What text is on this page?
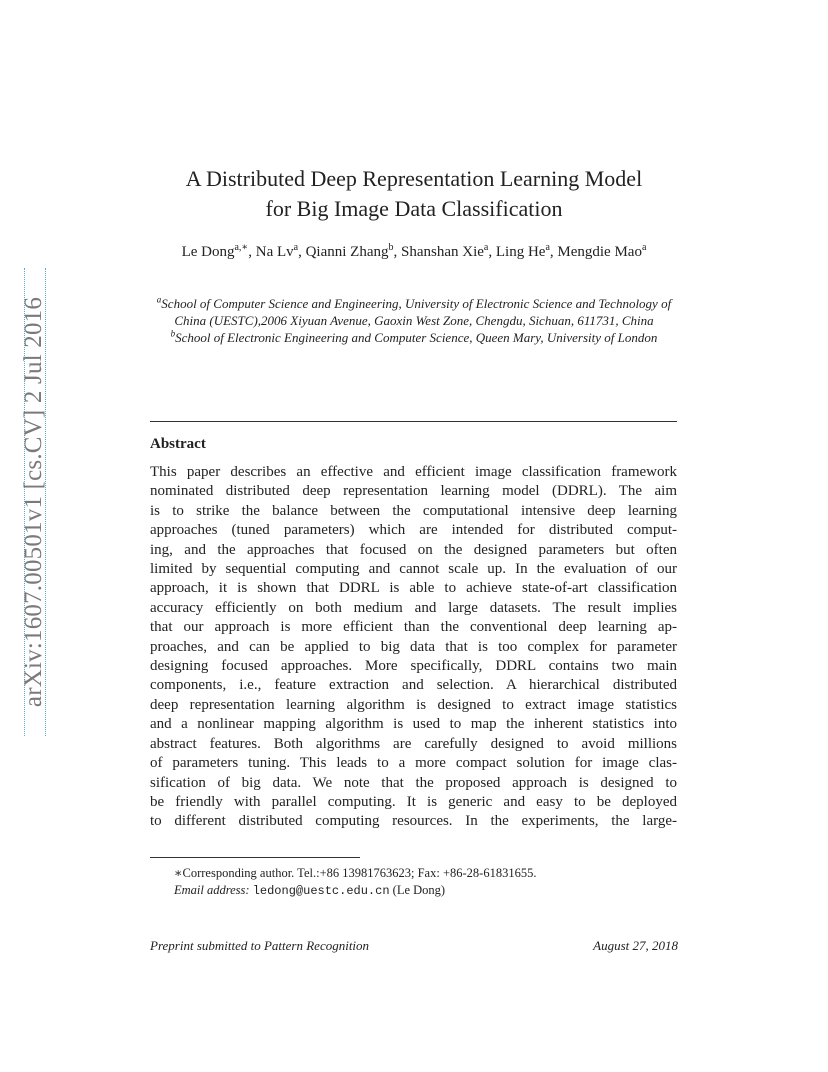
arXiv:1607.00501v1 [cs.CV] 2 Jul 2016
A Distributed Deep Representation Learning Model
for Big Image Data Classification
Le Dong$^{a,∗}$, Na Lv$^a$, Qianni Zhang$^b$, Shanshan Xie$^a$, Ling He$^a$, Mengdie Mao$^a$
$^a$School of Computer Science and Engineering, University of Electronic Science and Technology of China (UESTC),2006 Xiyuan Avenue, Gaoxin West Zone, Chengdu, Sichuan, 611731, China
$^b$School of Electronic Engineering and Computer Science, Queen Mary, University of London
Abstract
This paper describes an effective and efficient image classification framework
nominated distributed deep representation learning model (DDRL). The aim
is to strike the balance between the computational intensive deep learning
approaches (tuned parameters) which are intended for distributed comput-
ing, and the approaches that focused on the designed parameters but often
limited by sequential computing and cannot scale up. In the evaluation of our
approach, it is shown that DDRL is able to achieve state-of-art classification
accuracy efficiently on both medium and large datasets. The result implies
that our approach is more efficient than the conventional deep learning ap-
proaches, and can be applied to big data that is too complex for parameter
designing focused approaches. More specifically, DDRL contains two main
components, i.e., feature extraction and selection. A hierarchical distributed
deep representation learning algorithm is designed to extract image statistics
and a nonlinear mapping algorithm is used to map the inherent statistics into
abstract features. Both algorithms are carefully designed to avoid millions
of parameters tuning. This leads to a more compact solution for image clas-
sification of big data. We note that the proposed approach is designed to
be friendly with parallel computing. It is generic and easy to be deployed
to different distributed computing resources. In the experiments, the large-
∗Corresponding author. Tel.:+86 13981763623; Fax: +86-28-61831655.
Email address: ledong@uestc.edu.cn (Le Dong)
Preprint submitted to Pattern Recognition	August 27, 2018
